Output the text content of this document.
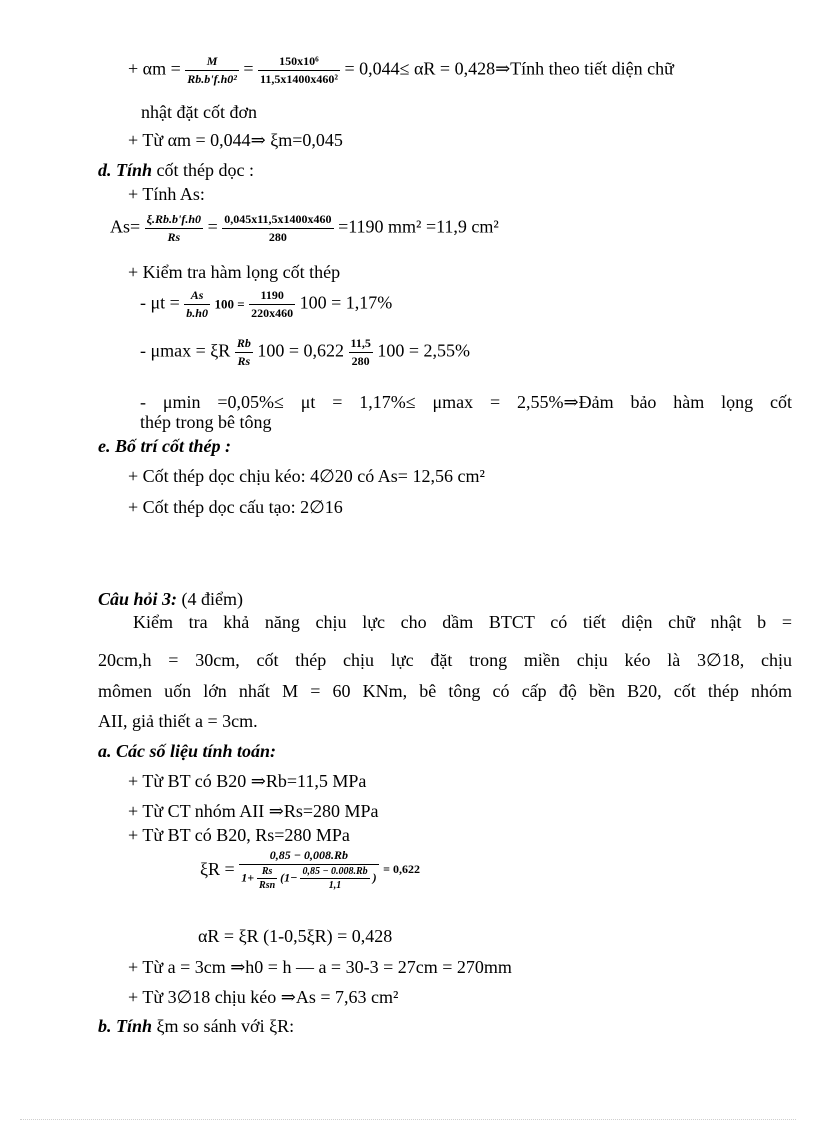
+ $\alpha m = \frac{M}{\text{Rb.b'f.h0²}} = \frac{\text{150x10⁶}}{\text{11,5x1400x460²}} = 0,044\le \alpha R$ = 0,428⇒Tính theo tiết diện chữ
nhật đặt cốt đơn
+ Từ αm = 0,044⇒ ξm=0,045
d. Tính cốt thép dọc :
+ Tính As:
$As= \frac{\xi.Rb.b'f.h0}{Rs} = \frac{0,045x11,5x1400x460}{280} =1190$ mm² =11,9 cm²
+ Kiểm tra hàm lọng cốt thép
- $\mu t = \frac{As}{b.h0} 100 = \frac{1190}{220x460} 100 = 1,17\%$
- μmax = ξR $\frac{Rb}{Rs} 100 = 0,622 \frac{11,5}{280} 100 = 2,55\%$
- μmin =0,05%≤ μt = 1,17%≤ μmax = 2,55%⇒Đảm bảo hàm lọng cốt
thép trong bê tông
e. Bố trí cốt thép :
+ Cốt thép dọc chịu kéo: 4∅20 có As= 12,56 cm²
+ Cốt thép dọc cấu tạo: 2∅16
Câu hỏi 3: (4 điểm)
Kiểm tra khả năng chịu lực cho dầm BTCT có tiết diện chữ nhật b =
20cm,h = 30cm, cốt thép chịu lực đặt trong miền chịu kéo là 3∅18, chịu
mômen uốn lớn nhất M = 60 KNm, bê tông có cấp độ bền B20, cốt thép nhóm
AII, giả thiết a = 3cm.
a. Các số liệu tính toán:
+ Từ BT có B20 ⇒Rb=11,5 MPa
+ Từ CT nhóm AII ⇒Rs=280 MPa
+ Từ BT có B20, Rs=280 MPa
ξR =
0,85 − 0,008.Rb
$1+ \frac{Rs}{\text{Rsn}} (1- \frac{0,85 - 0.008.Rb}{1,1}$ )
= 0,622
αR = ξR (1-0,5ξR) = 0,428
+ Từ a = 3cm ⇒h0 = h — a = 30-3 = 27cm = 270mm
+ Từ 3∅18 chịu kéo ⇒As = 7,63 cm²
b. Tính ξm so sánh với ξR:
